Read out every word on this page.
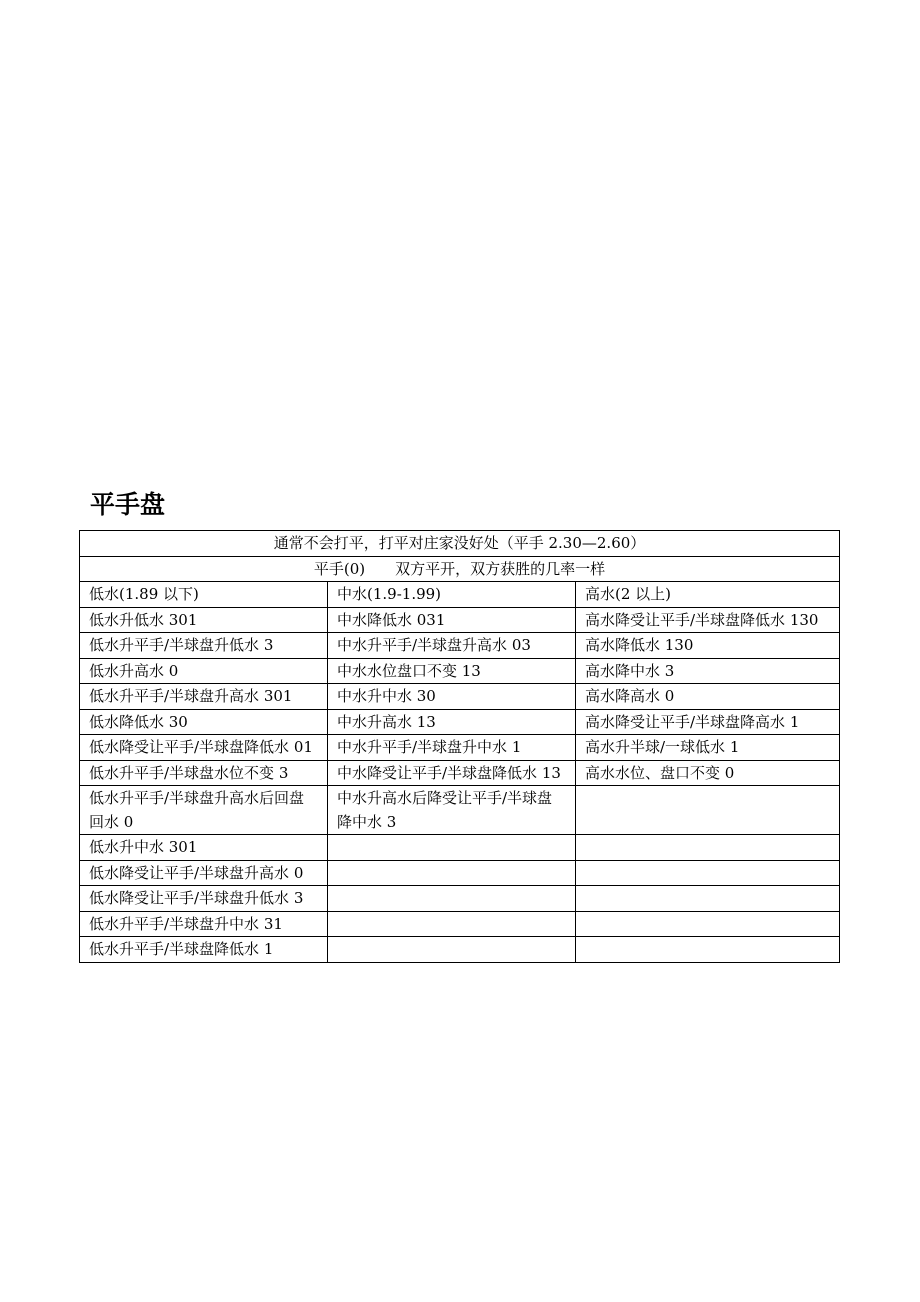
平手盘
通常不会打平，打平对庄家没好处（平手 2.30—2.60）		
平手(0)　　双方平开，双方获胜的几率一样		
低水(1.89 以下)	中水(1.9-1.99)	高水(2 以上)
低水升低水 301	中水降低水 031	高水降受让平手/半球盘降低水 130
低水升平手/半球盘升低水 3	中水升平手/半球盘升高水 03	高水降低水 130
低水升高水 0	中水水位盘口不变 13	高水降中水 3
低水升平手/半球盘升高水 301	中水升中水 30	高水降高水 0
低水降低水 30	中水升高水 13	高水降受让平手/半球盘降高水 1
低水降受让平手/半球盘降低水 01	中水升平手/半球盘升中水 1	高水升半球/一球低水 1
低水升平手/半球盘水位不变 3	中水降受让平手/半球盘降低水 13	高水水位、盘口不变 0
低水升平手/半球盘升高水后回盘回水 0	中水升高水后降受让平手/半球盘降中水 3	
低水升中水 301		
低水降受让平手/半球盘升高水 0		
低水降受让平手/半球盘升低水 3		
低水升平手/半球盘升中水 31		
低水升平手/半球盘降低水 1		
